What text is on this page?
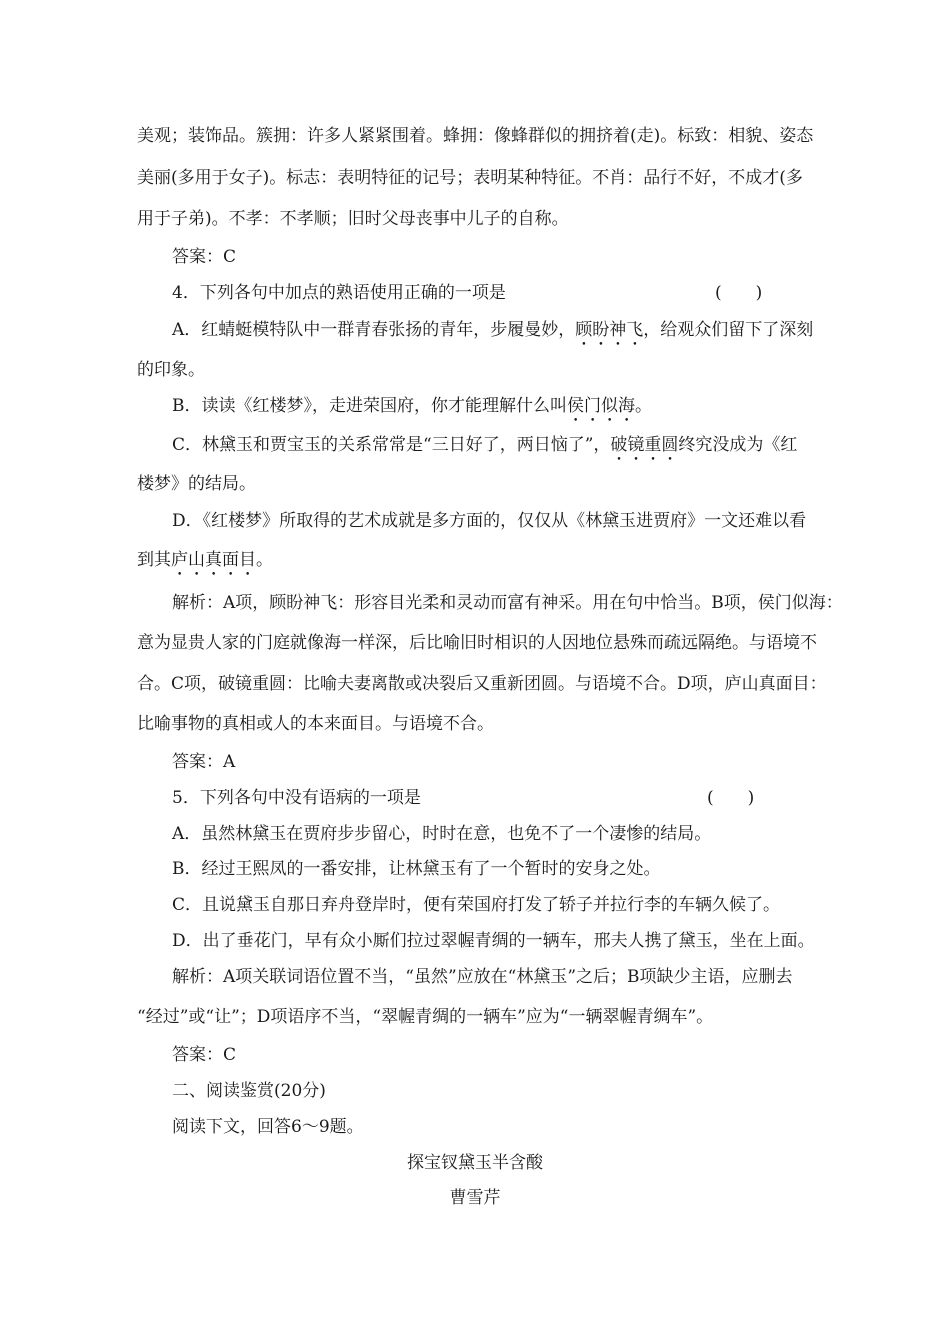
美观；装饰品。簇拥：许多人紧紧围着。蜂拥：像蜂群似的拥挤着(走)。标致：相貌、姿态
美丽(多用于女子)。标志：表明特征的记号；表明某种特征。不肖：品行不好，不成才(多
用于子弟)。不孝：不孝顺；旧时父母丧事中儿子的自称。
答案：C
4．下列各句中加点的熟语使用正确的一项是	(　　)
A．红蜻蜓模特队中一群青春张扬的青年，步履曼妙，顾盼神飞，给观众们留下了深刻
的印象。
B．读读《红楼梦》，走进荣国府，你才能理解什么叫侯门似海。
C．林黛玉和贾宝玉的关系常常是“三日好了，两日恼了”，破镜重圆终究没成为《红
楼梦》的结局。
D．《红楼梦》所取得的艺术成就是多方面的，仅仅从《林黛玉进贾府》一文还难以看
到其庐山真面目。
解析：A项，顾盼神飞：形容目光柔和灵动而富有神采。用在句中恰当。B项，侯门似海：
意为显贵人家的门庭就像海一样深，后比喻旧时相识的人因地位悬殊而疏远隔绝。与语境不
合。C项，破镜重圆：比喻夫妻离散或决裂后又重新团圆。与语境不合。D项，庐山真面目：
比喻事物的真相或人的本来面目。与语境不合。
答案：A
5．下列各句中没有语病的一项是	(　　)
A．虽然林黛玉在贾府步步留心，时时在意，也免不了一个凄惨的结局。
B．经过王熙凤的一番安排，让林黛玉有了一个暂时的安身之处。
C．且说黛玉自那日弃舟登岸时，便有荣国府打发了轿子并拉行李的车辆久候了。
D．出了垂花门，早有众小厮们拉过翠幄青绸的一辆车，邢夫人携了黛玉，坐在上面。
解析：A项关联词语位置不当，“虽然”应放在“林黛玉”之后；B项缺少主语，应删去
“经过”或“让”；D项语序不当，“翠幄青绸的一辆车”应为“一辆翠幄青绸车”。
答案：C
二、阅读鉴赏(20分)
阅读下文，回答6～9题。
探宝钗黛玉半含酸
曹雪芹
